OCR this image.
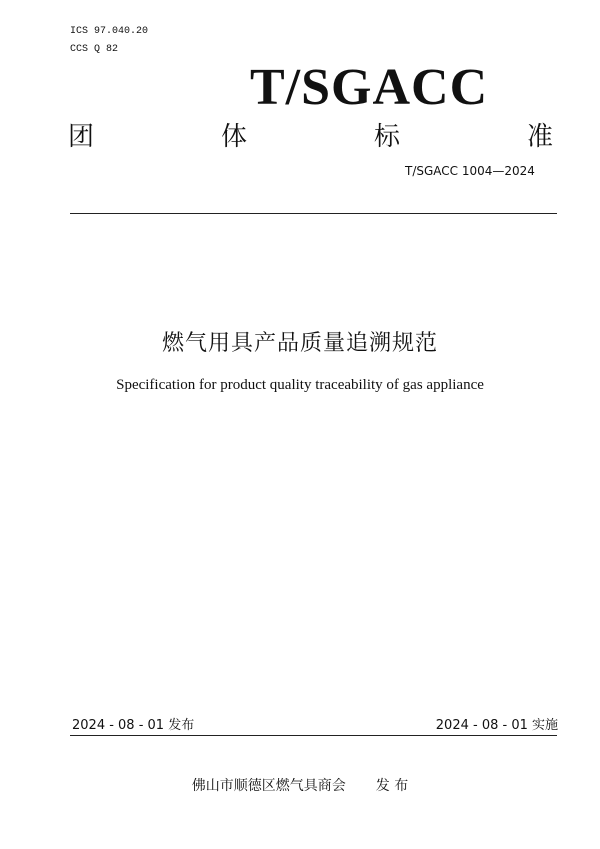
ICS 97.040.20
CCS Q 82
T/SGACC
团	体	标	准
T/SGACC 1004—2024
燃气用具产品质量追溯规范
Specification for product quality traceability of gas appliance
2024 - 08 - 01 发布	2024 - 08 - 01 实施
佛山市顺德区燃气具商会 发 布
